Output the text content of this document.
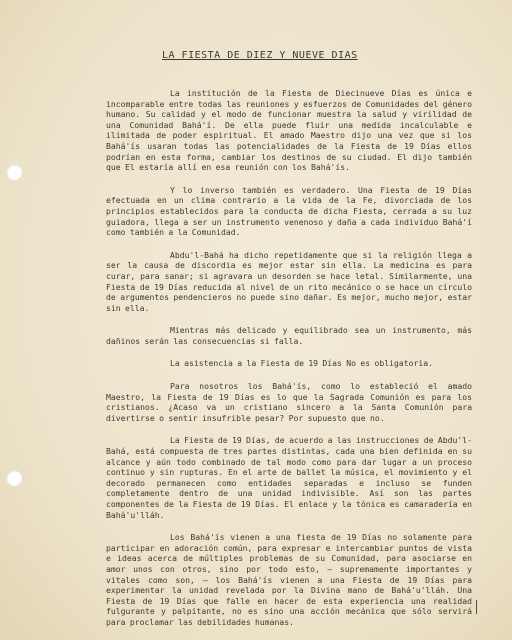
LA FIESTA DE DIEZ Y NUEVE DIAS

La institución de la Fiesta de Diecinueve Días es única e incomparable entre todas las reuniones y esfuerzos de Comunidades del género humano. Su calidad y el modo de funcionar muestra la salud y virilidad de una Comunidad Bahá'í. De ella puede fluir una medida incalculable e ilimitada de poder espiritual. El amado Maestro dijo una vez que si los Bahá'ís usaran todas las potencialidades de la Fiesta de 19 Días ellos podrían en esta forma, cambiar los destinos de su ciudad. El dijo también que El estaría allí en esa reunión con los Bahá'ís.

Y lo inverso también es verdadero. Una Fiesta de 19 Días efectuada en un clima contrario a la vida de la Fe, divorciada de los principios establecidos para la conducta de dicha Fiesta, cerrada a su luz guiadora, llega a ser un instrumento venenoso y daña a cada individuo Bahá'í como también a la Comunidad.

Abdu'l-Bahá ha dicho repetidamente que si la religión llega a ser la causa de discordia es mejor estar sin ella. La medicina es para curar, para sanar; si agravara un desorden se hace letal. Similarmente, una Fiesta de 19 Días reducida al nivel de un rito mecánico o se hace un círculo de argumentos pendencieros no puede sino dañar. Es mejor, mucho mejor, estar sin ella.

Mientras más delicado y equilibrado sea un instrumento, más dañinos serán las consecuencias si falla.

La asistencia a la Fiesta de 19 Días No es obligatoria.

Para nosotros los Bahá'ís, como lo estableció el amado Maestro, la Fiesta de 19 Días es lo que la Sagrada Comunión es para los cristianos. ¿Acaso va un cristiano sincero a la Santa Comunión para divertirse o sentir insufrible pesar? Por supuesto que no.

La Fiesta de 19 Días, de acuerdo a las instrucciones de Abdu'l-Bahá, está compuesta de tres partes distintas, cada una bien definida en su alcance y aún todo combinado de tal modo como para dar lugar a un proceso continuo y sin rupturas. En el arte de ballet la música, el movimiento y el decorado permanecen como entidades separadas e incluso se funden completamente dentro de una unidad indivisible. Así son las partes componentes de la Fiesta de 19 Días. El enlace y la tónica es camaradería en Bahá'u'lláh.

Los Bahá'ís vienen a una fiesta de 19 Días no solamente para participar en adoración común, para expresar e intercambiar puntos de vista e ideas acerca de múltiples problemas de su Comunidad, para asociarse en amor unos con otros, sino por todo esto, – supremamente importantes y vitales como son, – los Bahá'ís vienen a una Fiesta de 19 Días para experimentar la unidad revelada por la Divina mano de Bahá'u'lláh. Una Fiesta de 19 Días que falle en hacer de esta experiencia una realidad fulgurante y palpitante, no es sino una acción mecánica que sólo servirá para proclamar las debilidades humanas.
